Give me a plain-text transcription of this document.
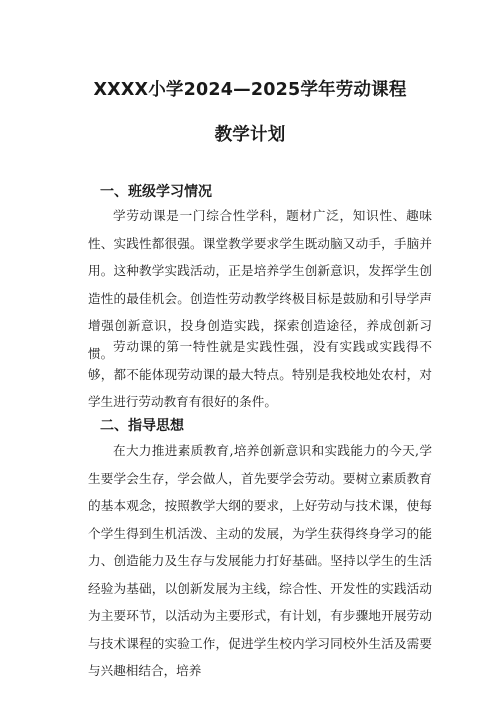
XXXX小学2024—2025学年劳动课程
教学计划
一、班级学习情况

学劳动课是一门综合性学科，题材广泛，知识性、趣味性、实践性都很强。课堂教学要求学生既动脑又动手，手脑并用。这种教学实践活动，正是培养学生创新意识，发挥学生创造性的最佳机会。创造性劳动教学终极目标是鼓励和引导学声增强创新意识，投身创造实践，探索创造途径，养成创新习惯。 劳动课的第一特性就是实践性强，没有实践或实践得不够，都不能体现劳动课的最大特点。特别是我校地处农村，对学生进行劳动教育有很好的条件。

二、指导思想

在大力推进素质教育,培养创新意识和实践能力的今天,学生要学会生存，学会做人，首先要学会劳动。要树立素质教育的基本观念，按照教学大纲的要求，上好劳动与技术课，使每个学生得到生机活泼、主动的发展，为学生获得终身学习的能力、创造能力及生存与发展能力打好基础。坚持以学生的生活经验为基础，以创新发展为主线，综合性、开发性的实践活动为主要环节，以活动为主要形式，有计划，有步骤地开展劳动与技术课程的实验工作，促进学生校内学习同校外生活及需要与兴趣相结合，培养
